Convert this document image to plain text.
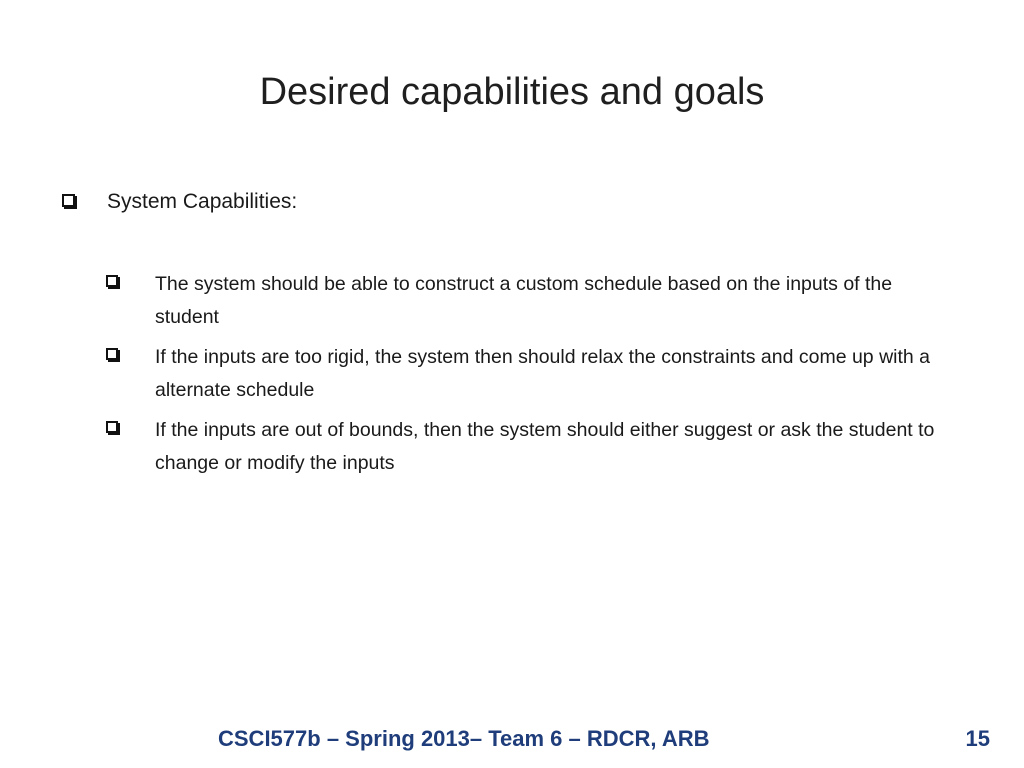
Desired capabilities and goals
System Capabilities:
The system should be able to construct a custom schedule based on the inputs of the student
If the inputs are too rigid, the system then should relax the constraints and come up with a alternate schedule
If the inputs are out of bounds, then the system should either suggest or ask the student to change or modify the inputs
CSCI577b – Spring 2013– Team 6 – RDCR, ARB	15
